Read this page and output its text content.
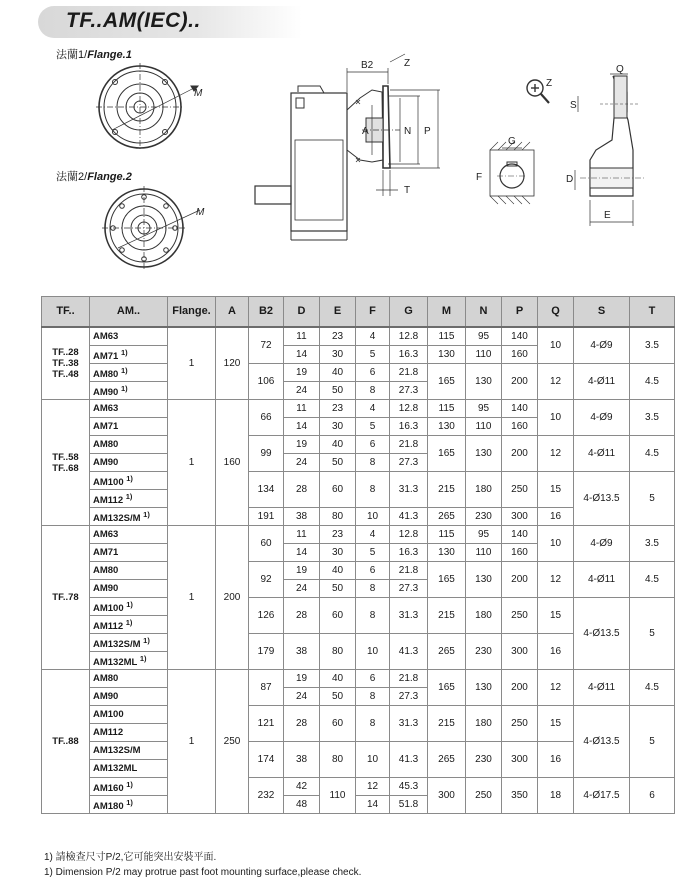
TF..AM(IEC)..
法蘭1/Flange.1
法蘭2/Flange.2
M
M
B2	Z
A	N P
T
G
F
Z
Q
S
D
E
TF..	AM..	Flange.	A	B2	D	E	F	G	M	N	P	Q	S	T
TF..28
TF..38
TF..48	AM63	1	120	72	11	23	4	12.8	115	95	140	10	4-Ø9	3.5
	AM71 $^{1)}$				14	30	5	16.3	130	110	160			
	AM80 $^{1)}$			106	19	40	6	21.8	165	130	200	12	4-Ø11	4.5
	AM90 $^{1)}$				24	50	8	27.3						
TF..58
TF..68	AM63	1	160	66	11	23	4	12.8	115	95	140	10	4-Ø9	3.5
	AM71				14	30	5	16.3	130	110	160			
	AM80			99	19	40	6	21.8	165	130	200	12	4-Ø11	4.5
	AM90				24	50	8	27.3						
	AM100 $^{1)}$			134	28	60	8	31.3	215	180	250	15	4-Ø13.5	5
	AM112 $^{1)}$
	AM132S/M $^{1)}$			191	38	80	10	41.3	265	230	300	16		
TF..78	AM63	1	200	60	11	23	4	12.8	115	95	140	10	4-Ø9	3.5
	AM71				14	30	5	16.3	130	110	160			
	AM80			92	19	40	6	21.8	165	130	200	12	4-Ø11	4.5
	AM90				24	50	8	27.3						
	AM100 $^{1)}$			126	28	60	8	31.3	215	180	250	15	4-Ø13.5	5
	AM112 $^{1)}$
	AM132S/M $^{1)}$			179	38	80	10	41.3	265	230	300	16		
	AM132ML $^{1)}$
TF..88	AM80	1	250	87	19	40	6	21.8	165	130	200	12	4-Ø11	4.5
	AM90				24	50	8	27.3						
	AM100			121	28	60	8	31.3	215	180	250	15	4-Ø13.5	5
	AM112													
	AM132S/M			174	38	80	10	41.3	265	230	300	16		
	AM132ML													
	AM160 $^{1)}$			232	42	110	12	45.3	300	250	350	18	4-Ø17.5	6
	AM180 $^{1)}$				48		14	51.8						
1) 請檢查尺寸P/2,它可能突出安裝平面.
1) Dimension P/2 may protrue past foot mounting surface,please check.
